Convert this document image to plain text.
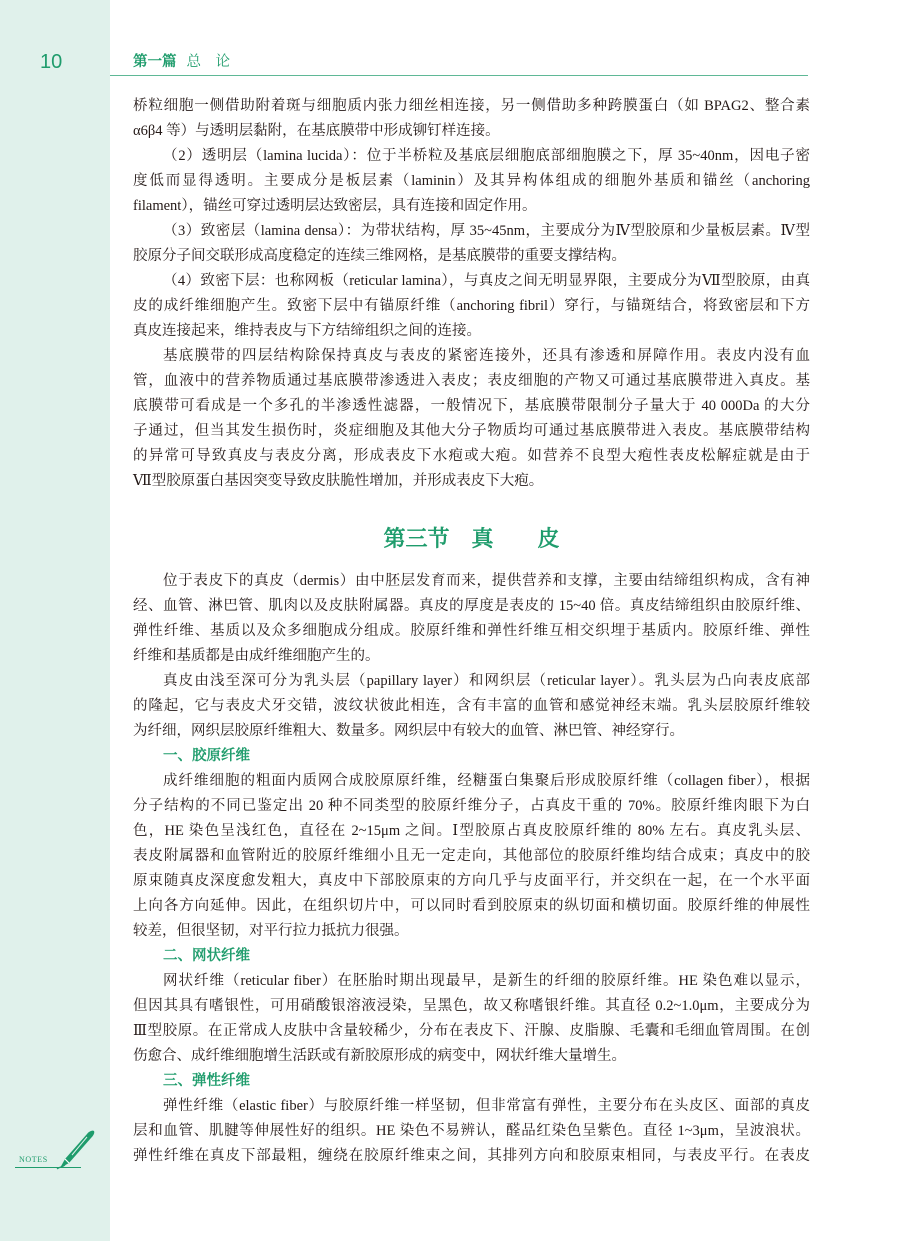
10	第一篇 总　论
桥粒细胞一侧借助附着斑与细胞质内张力细丝相连接，另一侧借助多种跨膜蛋白（如 BPAG2、整合素
α6β4 等）与透明层黏附，在基底膜带中形成铆钉样连接。
（2）透明层（lamina lucida）：位于半桥粒及基底层细胞底部细胞膜之下，厚 35~40nm，因电子密
度低而显得透明。主要成分是板层素（laminin）及其异构体组成的细胞外基质和锚丝（anchoring
filament），锚丝可穿过透明层达致密层，具有连接和固定作用。
（3）致密层（lamina densa）：为带状结构，厚 35~45nm，主要成分为Ⅳ型胶原和少量板层素。Ⅳ型
胶原分子间交联形成高度稳定的连续三维网格，是基底膜带的重要支撑结构。
（4）致密下层：也称网板（reticular lamina），与真皮之间无明显界限，主要成分为Ⅶ型胶原，由真
皮的成纤维细胞产生。致密下层中有锚原纤维（anchoring fibril）穿行，与锚斑结合，将致密层和下方
真皮连接起来，维持表皮与下方结缔组织之间的连接。
基底膜带的四层结构除保持真皮与表皮的紧密连接外，还具有渗透和屏障作用。表皮内没有血
管，血液中的营养物质通过基底膜带渗透进入表皮；表皮细胞的产物又可通过基底膜带进入真皮。基
底膜带可看成是一个多孔的半渗透性滤器，一般情况下，基底膜带限制分子量大于 40 000Da 的大分
子通过，但当其发生损伤时，炎症细胞及其他大分子物质均可通过基底膜带进入表皮。基底膜带结构
的异常可导致真皮与表皮分离，形成表皮下水疱或大疱。如营养不良型大疱性表皮松解症就是由于
Ⅶ型胶原蛋白基因突变导致皮肤脆性增加，并形成表皮下大疱。
第三节　真　　皮
位于表皮下的真皮（dermis）由中胚层发育而来，提供营养和支撑，主要由结缔组织构成，含有神
经、血管、淋巴管、肌肉以及皮肤附属器。真皮的厚度是表皮的 15~40 倍。真皮结缔组织由胶原纤维、
弹性纤维、基质以及众多细胞成分组成。胶原纤维和弹性纤维互相交织埋于基质内。胶原纤维、弹性
纤维和基质都是由成纤维细胞产生的。
真皮由浅至深可分为乳头层（papillary layer）和网织层（reticular layer）。乳头层为凸向表皮底部
的隆起，它与表皮犬牙交错，波纹状彼此相连，含有丰富的血管和感觉神经末端。乳头层胶原纤维较
为纤细，网织层胶原纤维粗大、数量多。网织层中有较大的血管、淋巴管、神经穿行。
一、胶原纤维
成纤维细胞的粗面内质网合成胶原原纤维，经糖蛋白集聚后形成胶原纤维（collagen fiber），根据
分子结构的不同已鉴定出 20 种不同类型的胶原纤维分子，占真皮干重的 70%。胶原纤维肉眼下为白
色，HE 染色呈浅红色，直径在 2~15μm 之间。Ⅰ型胶原占真皮胶原纤维的 80% 左右。真皮乳头层、
表皮附属器和血管附近的胶原纤维细小且无一定走向，其他部位的胶原纤维均结合成束；真皮中的胶
原束随真皮深度愈发粗大，真皮中下部胶原束的方向几乎与皮面平行，并交织在一起，在一个水平面
上向各方向延伸。因此，在组织切片中，可以同时看到胶原束的纵切面和横切面。胶原纤维的伸展性
较差，但很坚韧，对平行拉力抵抗力很强。
二、网状纤维
网状纤维（reticular fiber）在胚胎时期出现最早，是新生的纤细的胶原纤维。HE 染色难以显示，
但因其具有嗜银性，可用硝酸银溶液浸染，呈黑色，故又称嗜银纤维。其直径 0.2~1.0μm，主要成分为
Ⅲ型胶原。在正常成人皮肤中含量较稀少，分布在表皮下、汗腺、皮脂腺、毛囊和毛细血管周围。在创
伤愈合、成纤维细胞增生活跃或有新胶原形成的病变中，网状纤维大量增生。
三、弹性纤维
弹性纤维（elastic fiber）与胶原纤维一样坚韧，但非常富有弹性，主要分布在头皮区、面部的真皮
层和血管、肌腱等伸展性好的组织。HE 染色不易辨认，醛品红染色呈紫色。直径 1~3μm，呈波浪状。
弹性纤维在真皮下部最粗，缠绕在胶原纤维束之间，其排列方向和胶原束相同，与表皮平行。在表皮
NOTES
